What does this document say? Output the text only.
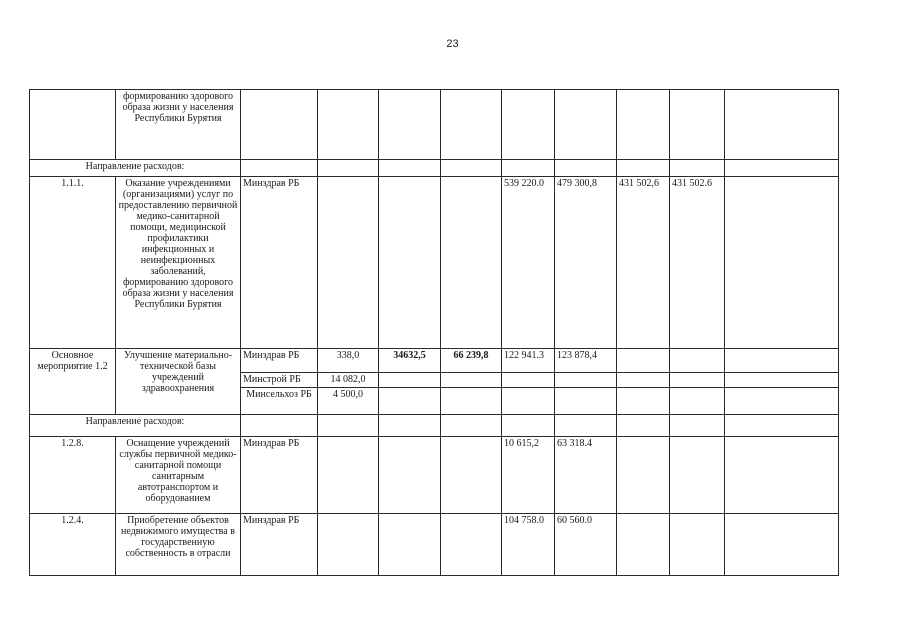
23
	формированию здорового образа жизни у населения Республики Бурятия									
Направление расходов:										
1.1.1.	Оказание учреждениями (организациями) услуг по предоставлению первичной медико-санитарной помощи, медицинской профилактики инфекционных и неинфекционных заболеваний, формированию здорового образа жизни у населения Республики Бурятия	Минздрав РБ				539 220.0	479 300,8	431 502,6	431 502.6	
Основное мероприятие 1.2	Улучшение материально-технической базы учреждений здравоохранения	Минздрав РБ	338,0	34632,5	66 239,8	122 941.3	123 878,4			
		Минстрой РБ	14 082,0							
		Минсельхоз РБ	4 500,0							
Направление расходов:										
1.2.8.	Оснащение учреждений службы первичной медико-санитарной помощи санитарным автотранспортом и оборудованием	Минздрав РБ				10 615,2	63 318.4			
1.2.4.	Приобретение объектов недвижимого имущества в государственную собственность в отрасли	Минздрав РБ				104 758.0	60 560.0			
